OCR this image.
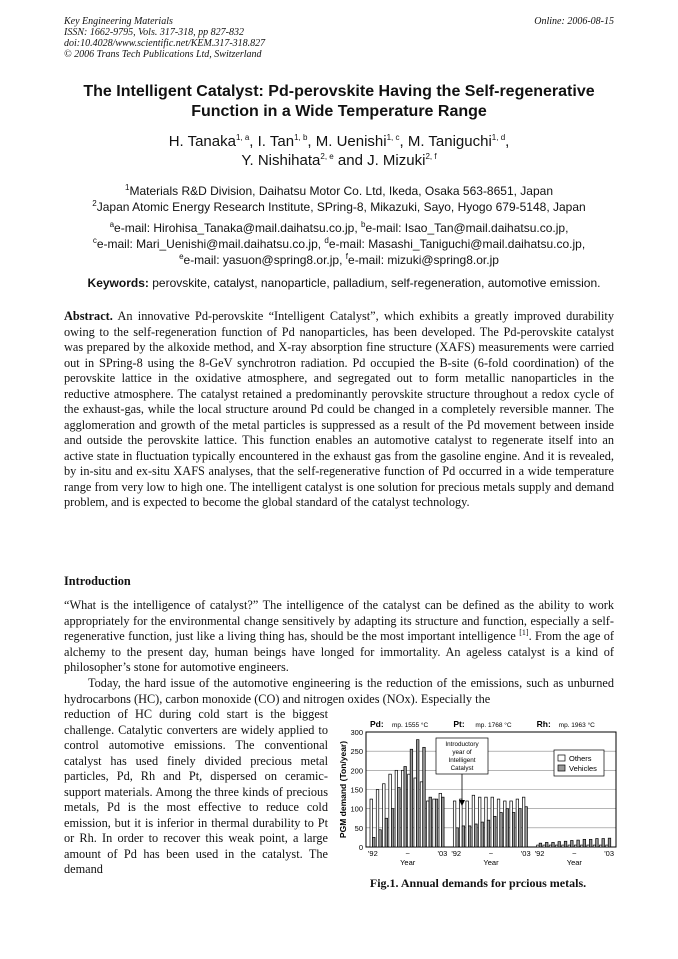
Key Engineering Materials
ISSN: 1662-9795, Vols. 317-318, pp 827-832
doi:10.4028/www.scientific.net/KEM.317-318.827
© 2006 Trans Tech Publications Ltd, Switzerland
Online: 2006-08-15
The Intelligent Catalyst: Pd-perovskite Having the Self-regenerative
Function in a Wide Temperature Range
H. Tanaka$^{1, a}$, I. Tan$^{1, b}$, M. Uenishi$^{1, c}$, M. Taniguchi$^{1, d}$,
Y. Nishihata$^{2, e}$ and J. Mizuki$^{2, f}$
$^1$Materials R&D Division, Daihatsu Motor Co. Ltd, Ikeda, Osaka 563-8651, Japan
$^2$Japan Atomic Energy Research Institute, SPring-8, Mikazuki, Sayo, Hyogo 679-5148, Japan
$^a$e-mail: Hirohisa_Tanaka@mail.daihatsu.co.jp, $^b$e-mail: Isao_Tan@mail.daihatsu.co.jp,
$^c$e-mail: Mari_Uenishi@mail.daihatsu.co.jp, $^d$e-mail: Masashi_Taniguchi@mail.daihatsu.co.jp,
$^e$e-mail: yasuon@spring8.or.jp, $^f$e-mail: mizuki@spring8.or.jp
Keywords: perovskite, catalyst, nanoparticle, palladium, self-regeneration, automotive emission.
Abstract. An innovative Pd-perovskite “Intelligent Catalyst”, which exhibits a greatly improved durability owing to the self-regeneration function of Pd nanoparticles, has been developed. The Pd-perovskite catalyst was prepared by the alkoxide method, and X-ray absorption fine structure (XAFS) measurements were carried out in SPring-8 using the 8-GeV synchrotron radiation. Pd occupied the B-site (6-fold coordination) of the perovskite lattice in the oxidative atmosphere, and segregated out to form metallic nanoparticles in the reductive atmosphere. The catalyst retained a predominantly perovskite structure throughout a redox cycle of the exhaust-gas, while the local structure around Pd could be changed in a completely reversible manner. The agglomeration and growth of the metal particles is suppressed as a result of the Pd movement between inside and outside the perovskite lattice. This function enables an automotive catalyst to regenerate itself into an active state in fluctuation typically encountered in the exhaust gas from the gasoline engine. And it is revealed, by in-situ and ex-situ XAFS analyses, that the self-regenerative function of Pd occurred in a wide temperature range from very low to high one. The intelligent catalyst is one solution for precious metals supply and demand problem, and is expected to become the global standard of the catalyst technology.
Introduction
“What is the intelligence of catalyst?” The intelligence of the catalyst can be defined as the ability to work appropriately for the environmental change sensitively by adapting its structure and function, especially a self-regenerative function, just like a living thing has, should be the most important intelligence [1]. From the age of alchemy to the present day, human beings have longed for immortality. An ageless catalyst is a kind of philosopher’s stone for automotive engineers.
Today, the hard issue of the automotive engineering is the reduction of the emissions, such as unburned hydrocarbons (HC), carbon monoxide (CO) and nitrogen oxides (NOx). Especially the
reduction of HC during cold start is the biggest challenge. Catalytic converters are widely applied to control automotive emissions. The conventional catalyst has used finely divided precious metal particles, Pd, Rh and Pt, dispersed on ceramic-support materials. Among the three kinds of precious metals, Pd is the most effective to reduce cold emission, but it is inferior in thermal durability to Pt or Rh. In order to recover this weak point, a large amount of Pd has been used in the catalyst. The demand
0
50
100
150
200
250
300
PGM demand (Ton/year)
Pd: mp. 1555 °C
'92	~	'03
Year
Pt: mp. 1768 °C
'92	~	'03
Year
Rh: mp. 1963 °C
'92	~	'03
Year
Introductory
year of
Intelligent
Catalyst
Others
Vehicles
Fig.1. Annual demands for prcious metals.
